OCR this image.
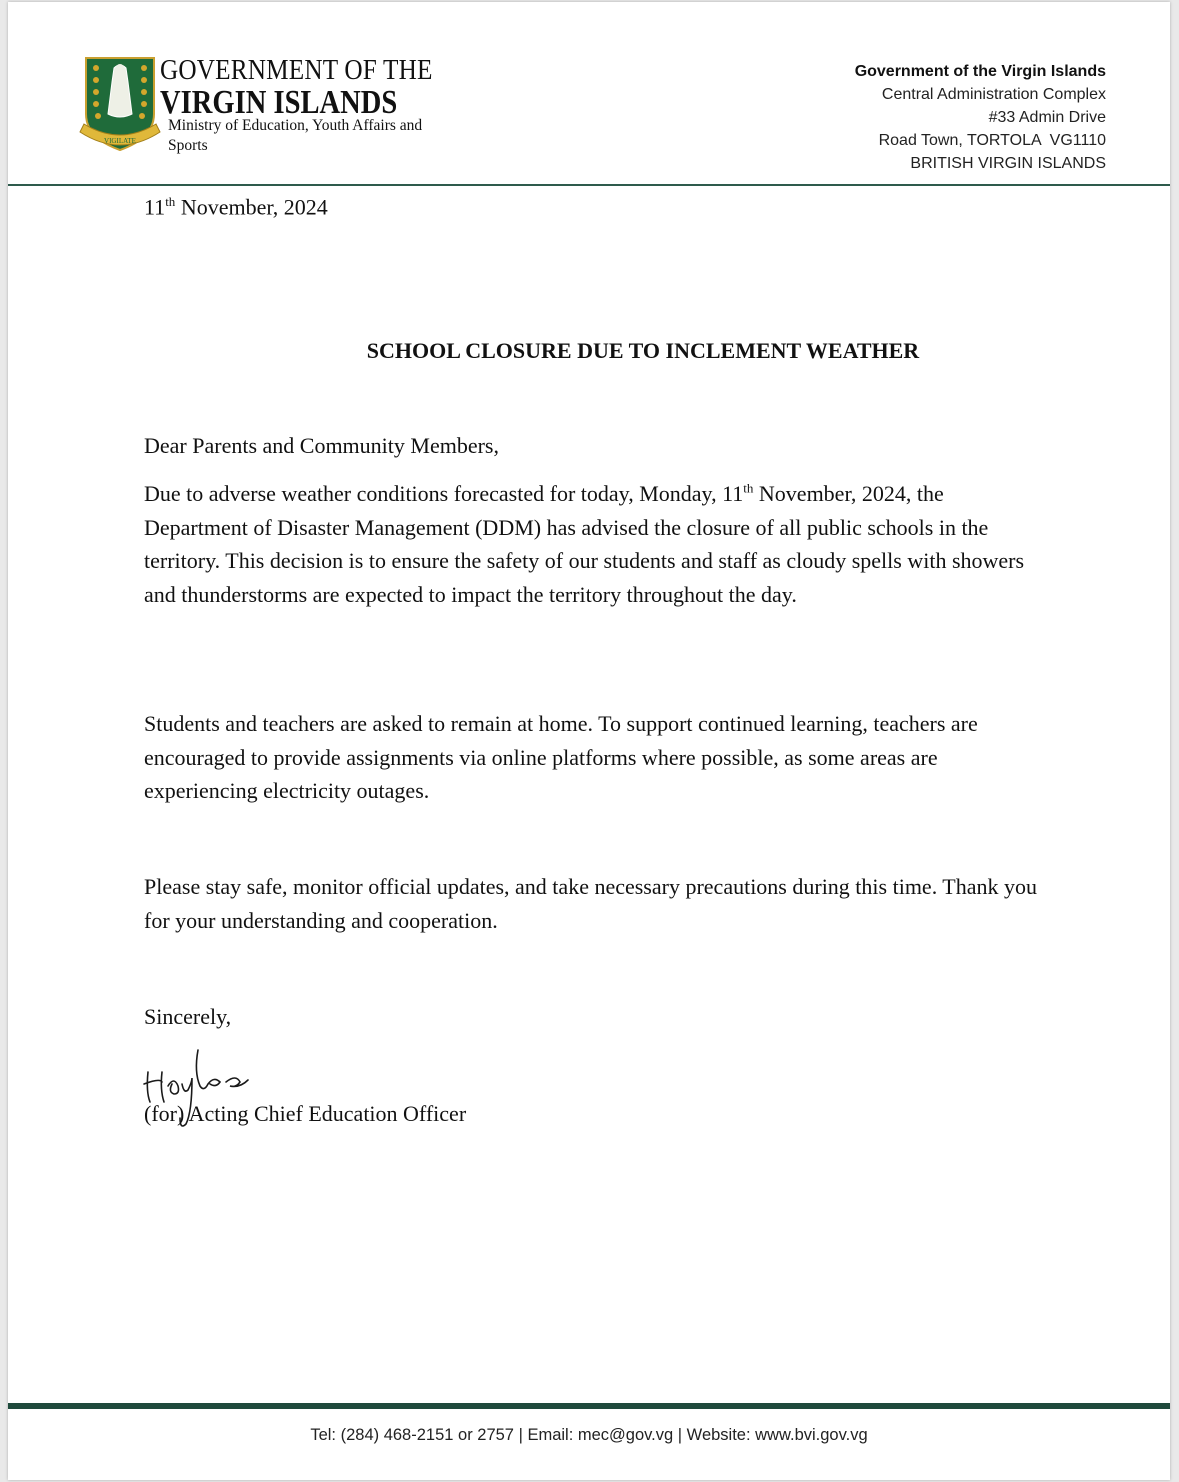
VIGILATE
GOVERNMENT OF THE
VIRGIN ISLANDS
Ministry of Education, Youth Affairs and Sports
Government of the Virgin Islands
Central Administration Complex
#33 Admin Drive
Road Town, TORTOLA  VG1110
BRITISH VIRGIN ISLANDS
11th November, 2024
SCHOOL CLOSURE DUE TO INCLEMENT WEATHER
Dear Parents and Community Members,
Due to adverse weather conditions forecasted for today, Monday, 11th November, 2024, the Department of Disaster Management (DDM) has advised the closure of all public schools in the territory. This decision is to ensure the safety of our students and staff as cloudy spells with showers and thunderstorms are expected to impact the territory throughout the day.
Students and teachers are asked to remain at home. To support continued learning, teachers are encouraged to provide assignments via online platforms where possible, as some areas are experiencing electricity outages.
Please stay safe, monitor official updates, and take necessary precautions during this time. Thank you for your understanding and cooperation.
Sincerely,
(for) Acting Chief Education Officer
Tel: (284) 468-2151 or 2757 | Email: mec@gov.vg | Website: www.bvi.gov.vg
